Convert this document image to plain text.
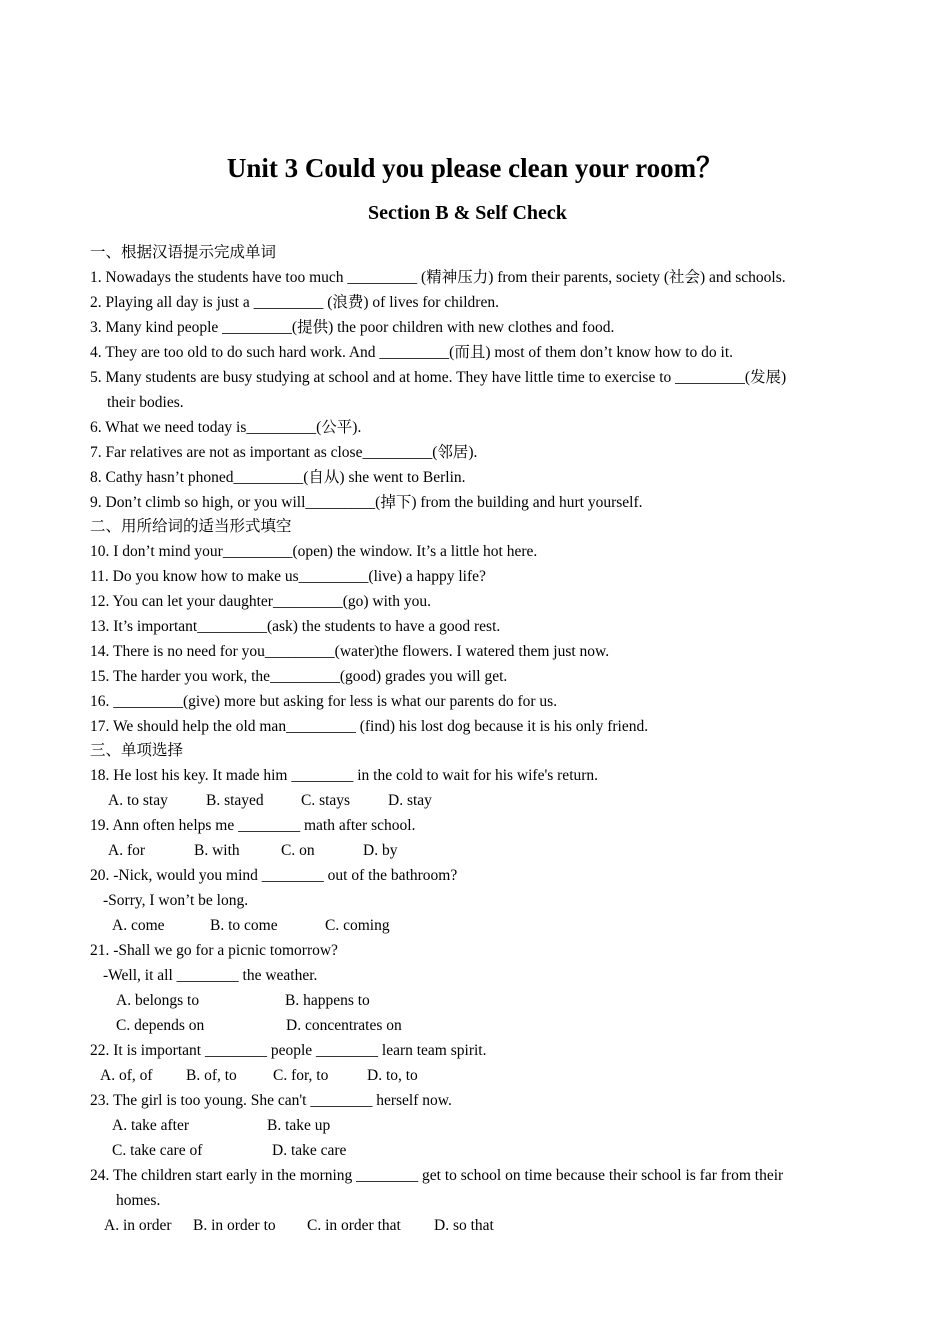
Unit 3 Could you please clean your room？
Section B & Self Check
一、根据汉语提示完成单词
1. Nowadays the students have too much _________ (精神压力) from their parents, society (社会) and schools.
2. Playing all day is just a _________ (浪费) of lives for children.
3. Many kind people _________(提供) the poor children with new clothes and food.
4. They are too old to do such hard work. And _________(而且) most of them don’t know how to do it.
5. Many students are busy studying at school and at home. They have little time to exercise to _________(发展)
their bodies.
6. What we need today is_________(公平).
7. Far relatives are not as important as close_________(邻居).
8. Cathy hasn’t phoned_________(自从) she went to Berlin.
9. Don’t climb so high, or you will_________(掉下) from the building and hurt yourself.
二、用所给词的适当形式填空
10. I don’t mind your_________(open) the window. It’s a little hot here.
11. Do you know how to make us_________(live) a happy life?
12. You can let your daughter_________(go) with you.
13. It’s important_________(ask) the students to have a good rest.
14. There is no need for you_________(water)the flowers. I watered them just now.
15. The harder you work, the_________(good) grades you will get.
16. _________(give) more but asking for less is what our parents do for us.
17. We should help the old man_________ (find) his lost dog because it is his only friend.
三、单项选择
18. He lost his key. It made him ________ in the cold to wait for his wife's return.
A. to stay B. stayed C. stays D. stay
19. Ann often helps me ________ math after school.
A. for	B. with	C. on	D. by
20. -Nick, would you mind ________ out of the bathroom?
-Sorry, I won’t be long.
A. come	B. to come	C. coming
21. -Shall we go for a picnic tomorrow?
-Well, it all ________ the weather.
A. belongs to	B. happens to
C. depends on	D. concentrates on
22. It is important ________ people ________ learn team spirit.
A. of, of B. of, to C. for, to D. to, to
23. The girl is too young. She can't ________ herself now.
A. take after	B. take up
C. take care of	D. take care
24. The children start early in the morning ________ get to school on time because their school is far from their
homes.
A. in order B. in order to C. in order that D. so that
